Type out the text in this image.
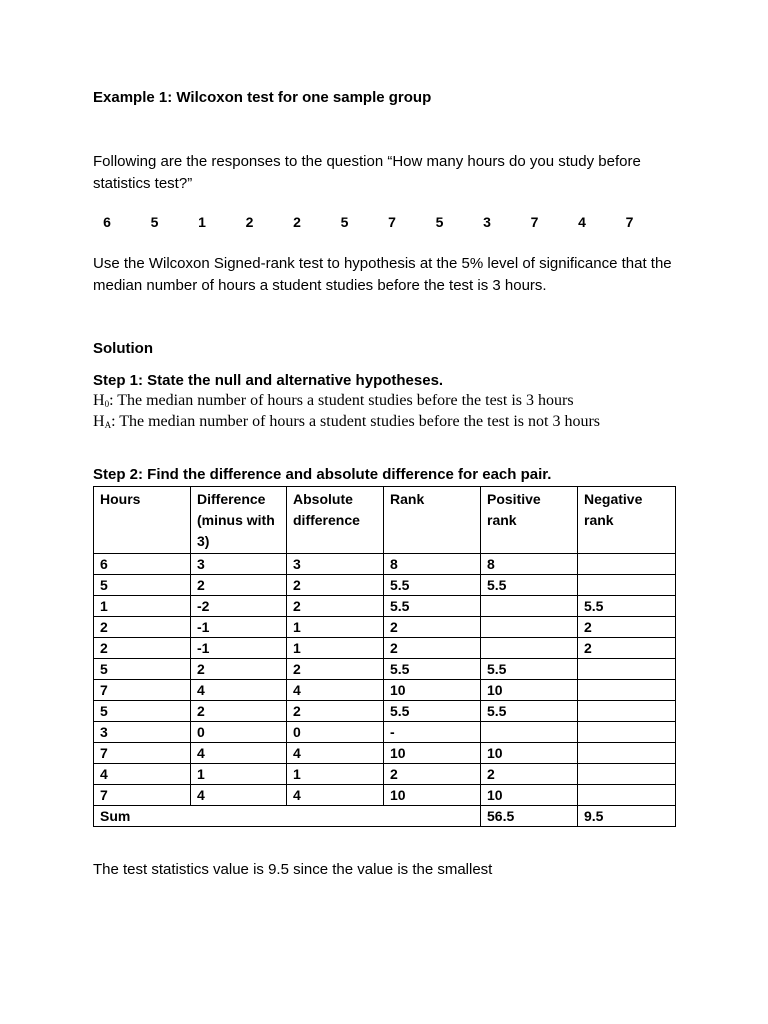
Example 1: Wilcoxon test for one sample group
Following are the responses to the question “How many hours do you study before statistics test?”
6	5	1	2	2	5	7	5	3	7	4	7
Use the Wilcoxon Signed-rank test to hypothesis at the 5% level of significance that the median number of hours a student studies before the test is 3 hours.
Solution
Step 1: State the null and alternative hypotheses.
$H_0$: The median number of hours a student studies before the test is 3 hours
$H_A$: The median number of hours a student studies before the test is not 3 hours
Step 2: Find the difference and absolute difference for each pair.
Hours	Difference (minus with 3)	Absolute difference	Rank	Positive rank	Negative rank
6	3	3	8	8	
5	2	2	5.5	5.5	
1	-2	2	5.5		5.5
2	-1	1	2		2
2	-1	1	2		2
5	2	2	5.5	5.5	
7	4	4	10	10	
5	2	2	5.5	5.5	
3	0	0	-		
7	4	4	10	10	
4	1	1	2	2	
7	4	4	10	10	
Sum				56.5	9.5
The test statistics value is 9.5 since the value is the smallest
